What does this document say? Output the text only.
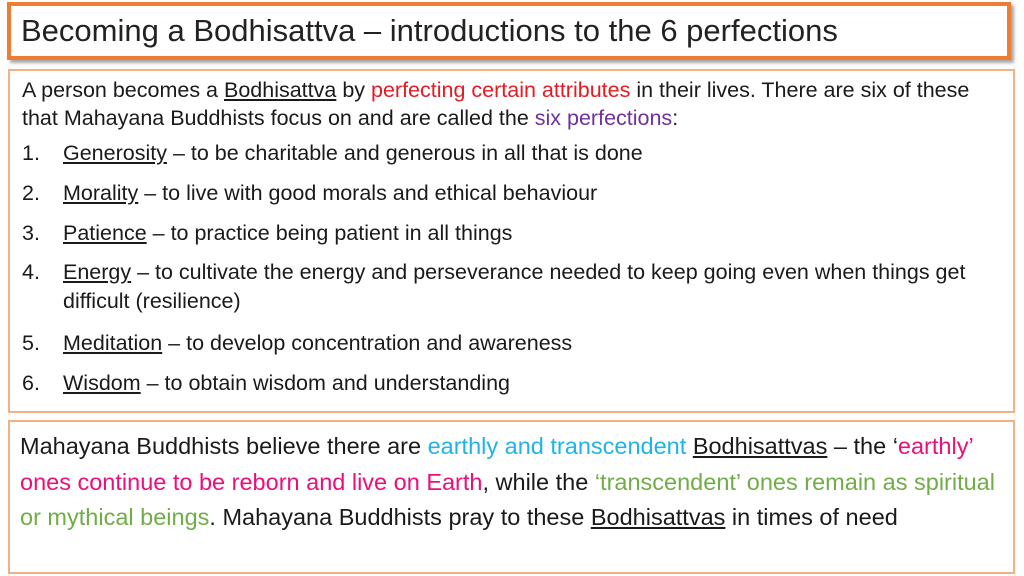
Becoming a Bodhisattva – introductions to the 6 perfections

A person becomes a Bodhisattva by perfecting certain attributes in their lives. There are six of these that Mahayana Buddhists focus on and are called the six perfections:

1. Generosity – to be charitable and generous in all that is done
2. Morality – to live with good morals and ethical behaviour
3. Patience – to practice being patient in all things
4. Energy – to cultivate the energy and perseverance needed to keep going even when things get difficult (resilience)
5. Meditation – to develop concentration and awareness
6. Wisdom – to obtain wisdom and understanding

Mahayana Buddhists believe there are earthly and transcendent Bodhisattvas – the ‘earthly’ ones continue to be reborn and live on Earth, while the ‘transcendent’ ones remain as spiritual or mythical beings. Mahayana Buddhists pray to these Bodhisattvas in times of need
